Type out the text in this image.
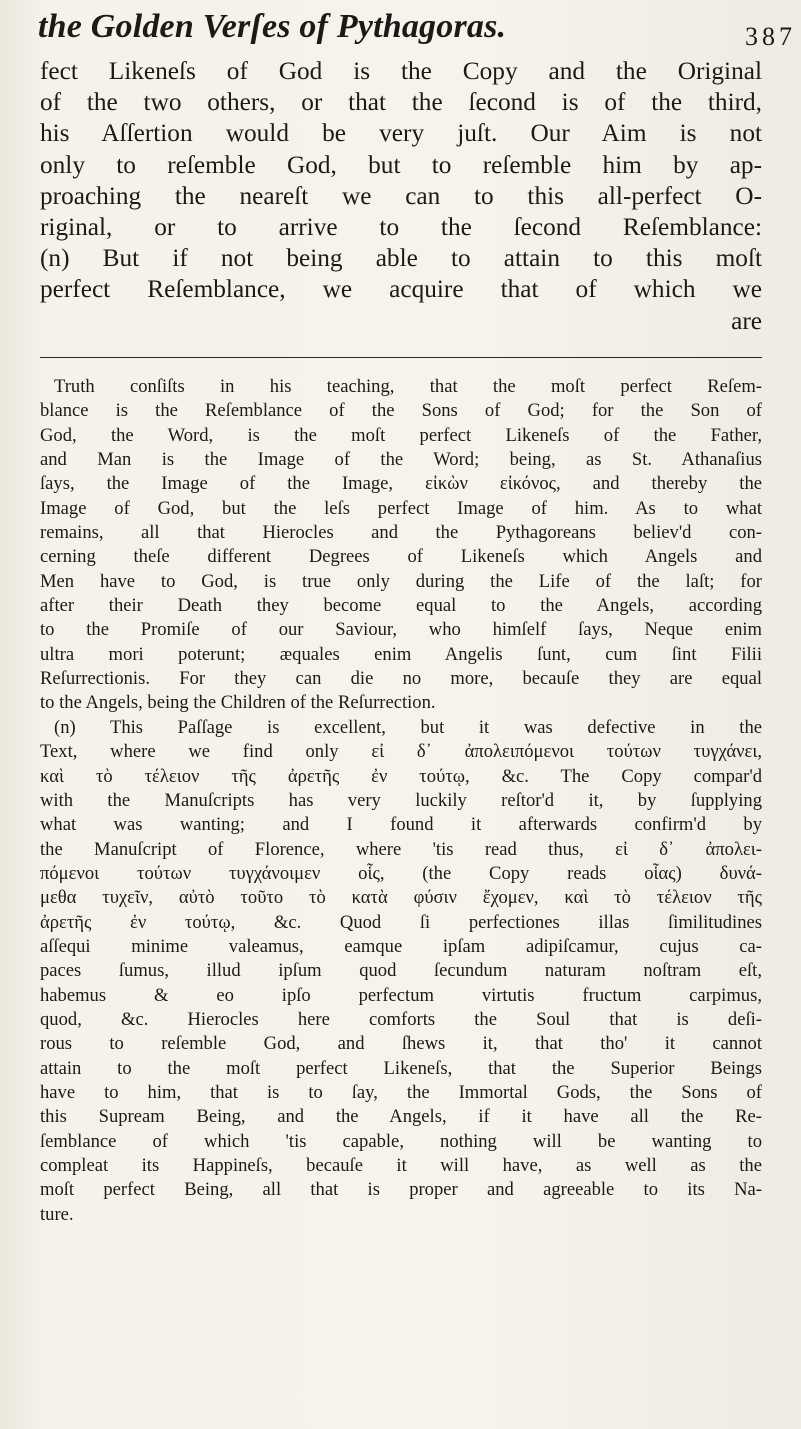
the Golden Verſes of Pythagoras.	387
fect Likeneſs of God is the Copy and the Original
of the two others, or that the ſecond is of the third,
his Aſſertion would be very juſt. Our Aim is not
only to reſemble God, but to reſemble him by ap-
proaching the neareſt we can to this all-perfect O-
riginal, or to arrive to the ſecond Reſemblance:
(n) But if not being able to attain to this moſt
perfect Reſemblance, we acquire that of which we
are
Truth conſiſts in his teaching, that the moſt perfect Reſem-
blance is the Reſemblance of the Sons of God; for the Son of
God, the Word, is the moſt perfect Likeneſs of the Father,
and Man is the Image of the Word; being, as St. Athanaſius
ſays, the Image of the Image, εἰκὼν εἰκόνος, and thereby the
Image of God, but the leſs perfect Image of him. As to what
remains, all that Hierocles and the Pythagoreans believ'd con-
cerning theſe different Degrees of Likeneſs which Angels and
Men have to God, is true only during the Life of the laſt; for
after their Death they become equal to the Angels, according
to the Promiſe of our Saviour, who himſelf ſays, Neque enim
ultra mori poterunt; æquales enim Angelis ſunt, cum ſint Filii
Reſurrectionis. For they can die no more, becauſe they are equal
to the Angels, being the Children of the Reſurrection.
(n) This Paſſage is excellent, but it was defective in the
Text, where we find only εἰ δ᾽ ἀπολειπόμενοι τούτων τυγχάνει,
καὶ τὸ τέλειον τῆς ἀρετῆς ἐν τούτῳ, &c. The Copy compar'd
with the Manuſcripts has very luckily reſtor'd it, by ſupplying
what was wanting; and I found it afterwards confirm'd by
the Manuſcript of Florence, where 'tis read thus, εἰ δ᾽ ἀπολει-
πόμενοι τούτων τυγχάνοιμεν οἷς, (the Copy reads οἷας) δυνά-
μεθα τυχεῖν, αὐτὸ τοῦτο τὸ κατὰ φύσιν ἔχομεν, καὶ τὸ τέλειον τῆς
ἀρετῆς ἐν τούτῳ, &c. Quod ſi perfectiones illas ſimilitudines
aſſequi minime valeamus, eamque ipſam adipiſcamur, cujus ca-
paces ſumus, illud ipſum quod ſecundum naturam noſtram eſt,
habemus & eo ipſo perfectum virtutis fructum carpimus,
quod, &c. Hierocles here comforts the Soul that is deſi-
rous to reſemble God, and ſhews it, that tho' it cannot
attain to the moſt perfect Likeneſs, that the Superior Beings
have to him, that is to ſay, the Immortal Gods, the Sons of
this Supream Being, and the Angels, if it have all the Re-
ſemblance of which 'tis capable, nothing will be wanting to
compleat its Happineſs, becauſe it will have, as well as the
moſt perfect Being, all that is proper and agreeable to its Na-
ture.
